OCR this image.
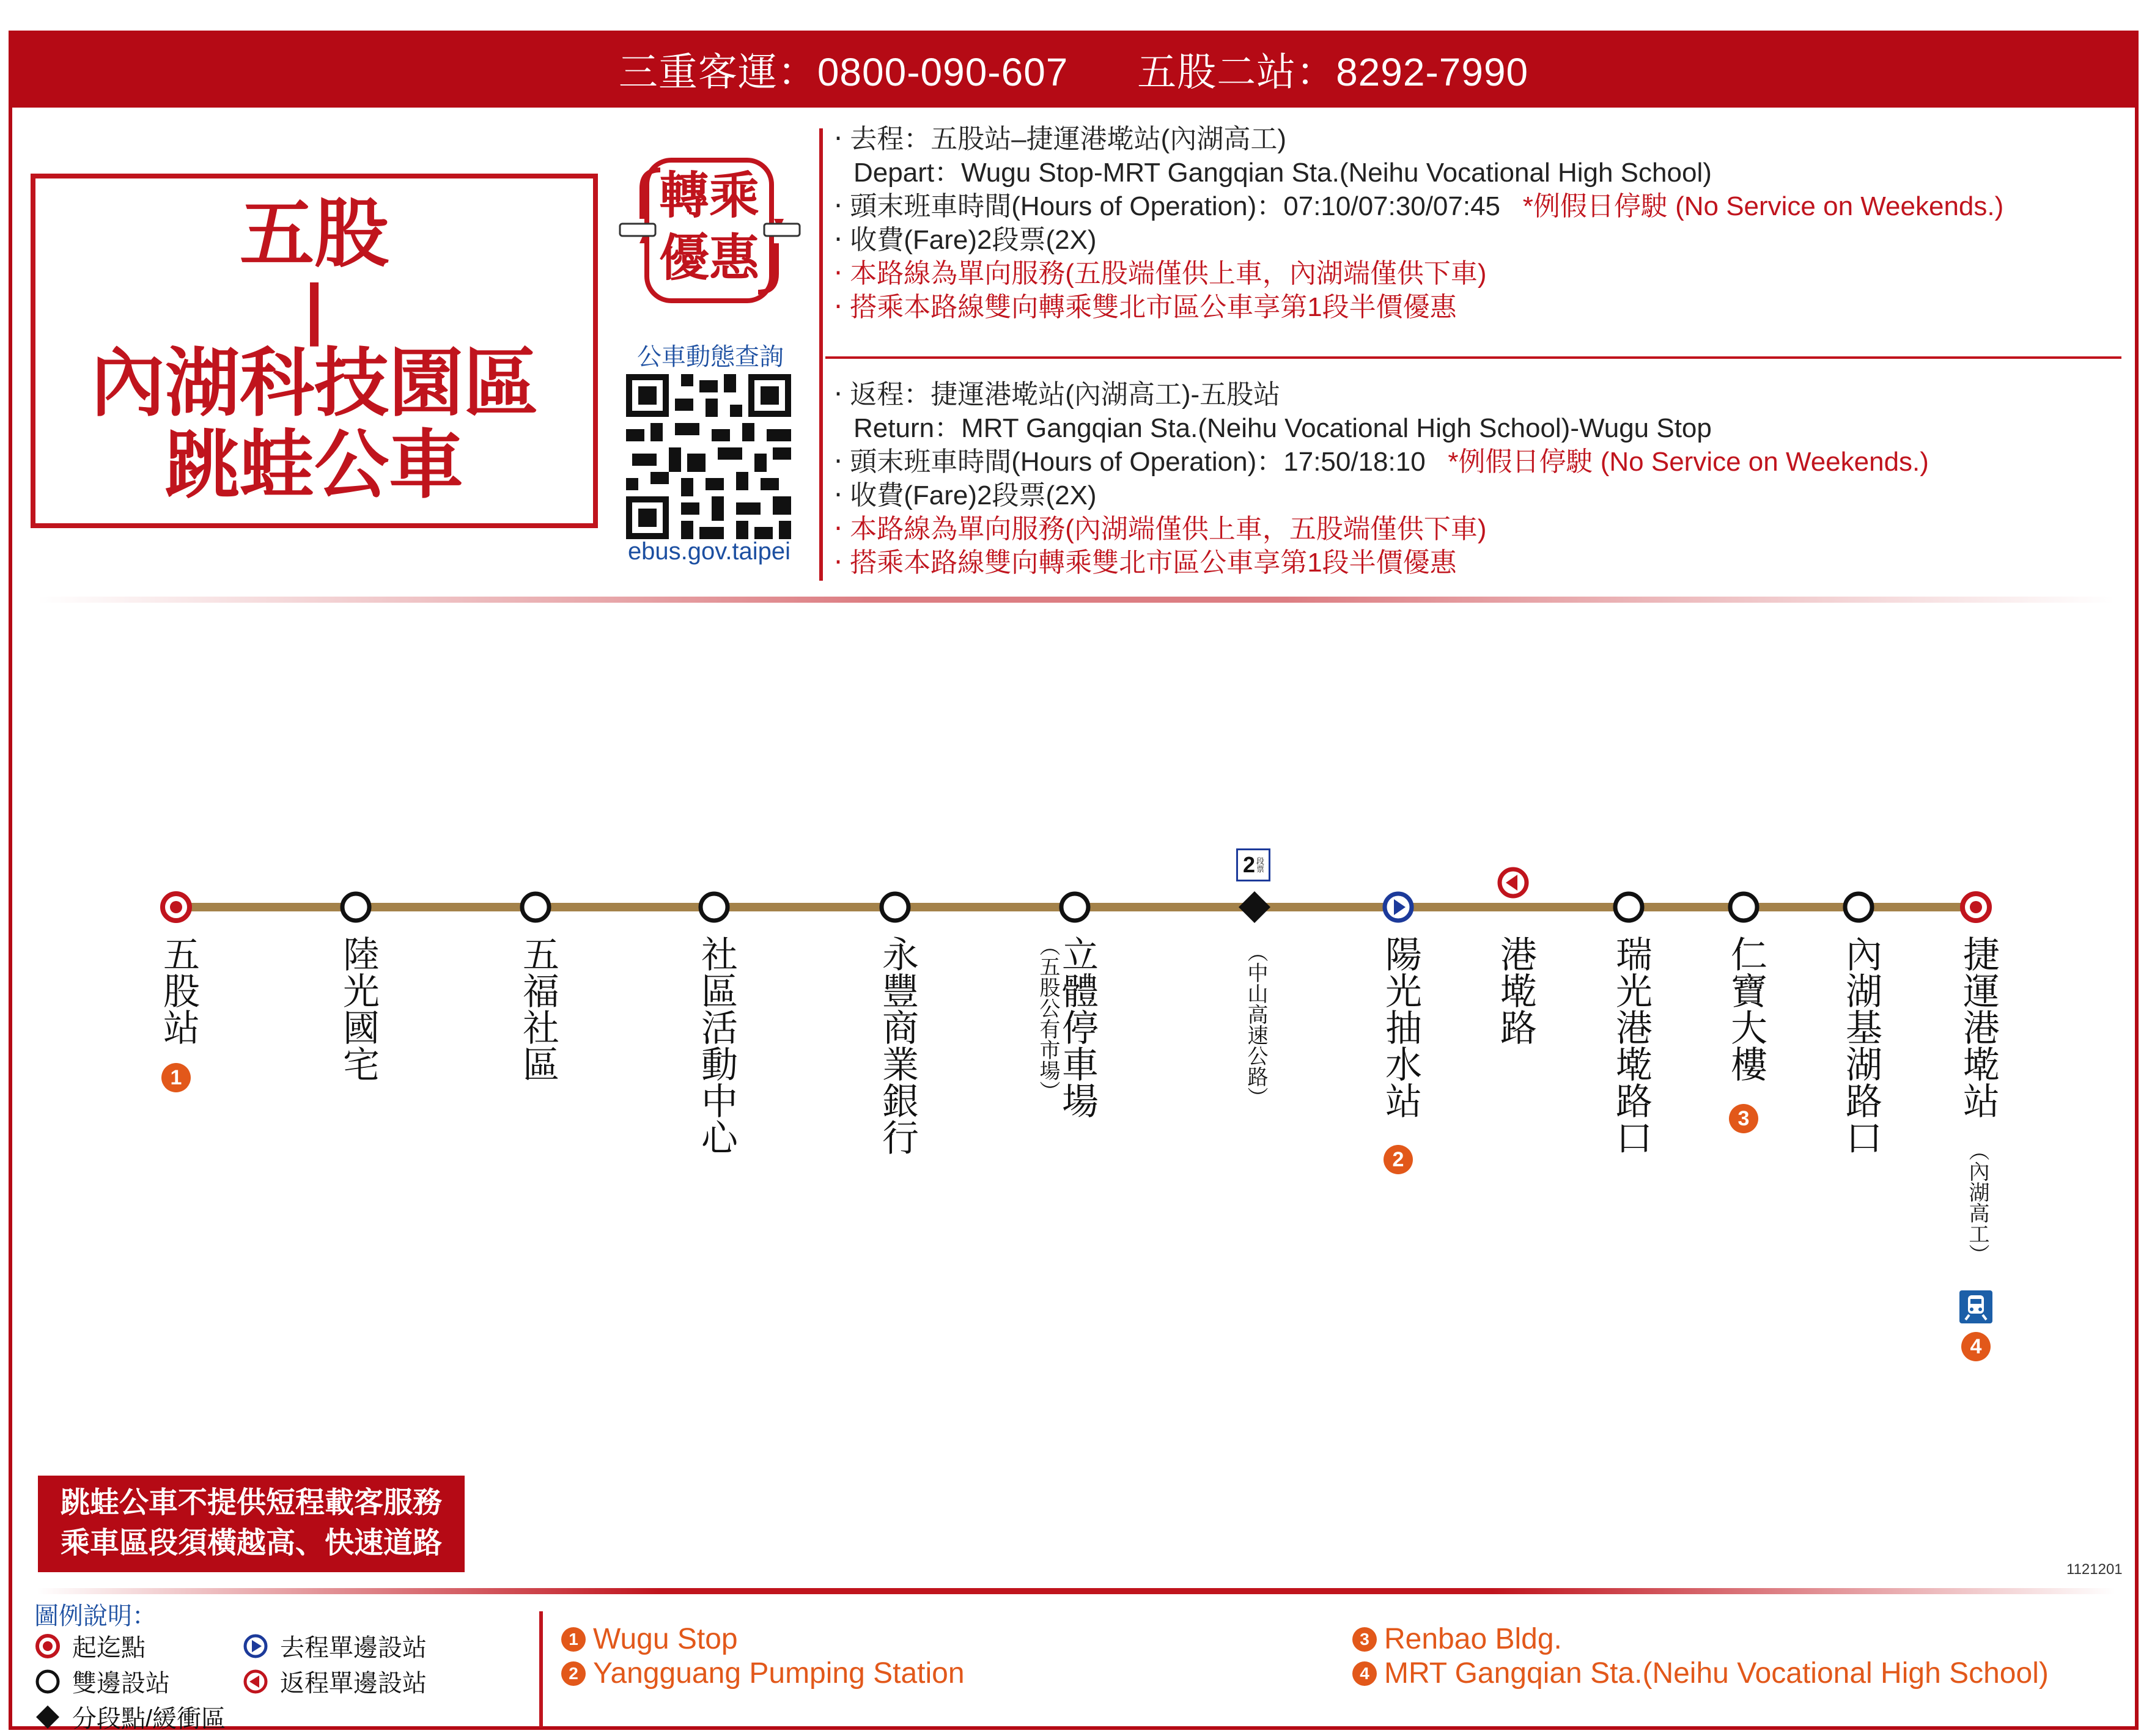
三重客運：0800-090-607
五股二站：8292-7990
五股
|
內湖科技園區
跳蛙公車
轉乘
優惠
公車動態查詢
ebus.gov.taipei
‧ 去程：五股站–捷運港墘站(內湖高工)
Depart：Wugu Stop-MRT Gangqian Sta.(Neihu Vocational High School)
‧ 頭末班車時間(Hours of Operation)：07:10/07:30/07:45 *例假日停駛 (No Service on Weekends.)
‧ 收費(Fare)2段票(2X)
‧ 本路線為單向服務(五股端僅供上車，內湖端僅供下車)
‧ 搭乘本路線雙向轉乘雙北市區公車享第1段半價優惠
‧ 返程：捷運港墘站(內湖高工)-五股站
Return：MRT Gangqian Sta.(Neihu Vocational High School)-Wugu Stop
‧ 頭末班車時間(Hours of Operation)：17:50/18:10 *例假日停駛 (No Service on Weekends.)
‧ 收費(Fare)2段票(2X)
‧ 本路線為單向服務(內湖端僅供上車，五股端僅供下車)
‧ 搭乘本路線雙向轉乘雙北市區公車享第1段半價優惠
五股站
1	陸光國宅	五福社區	社區活動中心	永豐商業銀行	立體停車場
（五股公有市場）
2 段票
（中山高速公路）	陽光抽水站
2
港墘路 瑞光港墘路口 仁寶大樓
3 內湖基湖路口 捷運港墘站
（內湖高工）
4
跳蛙公車不提供短程載客服務
乘車區段須橫越高、快速道路
1121201
圖例說明：
起迄點
雙邊設站
分段點/緩衝區
去程單邊設站
返程單邊設站
1 Wugu Stop
2 Yangguang Pumping Station
3 Renbao Bldg.
4 MRT Gangqian Sta.(Neihu Vocational High School)
